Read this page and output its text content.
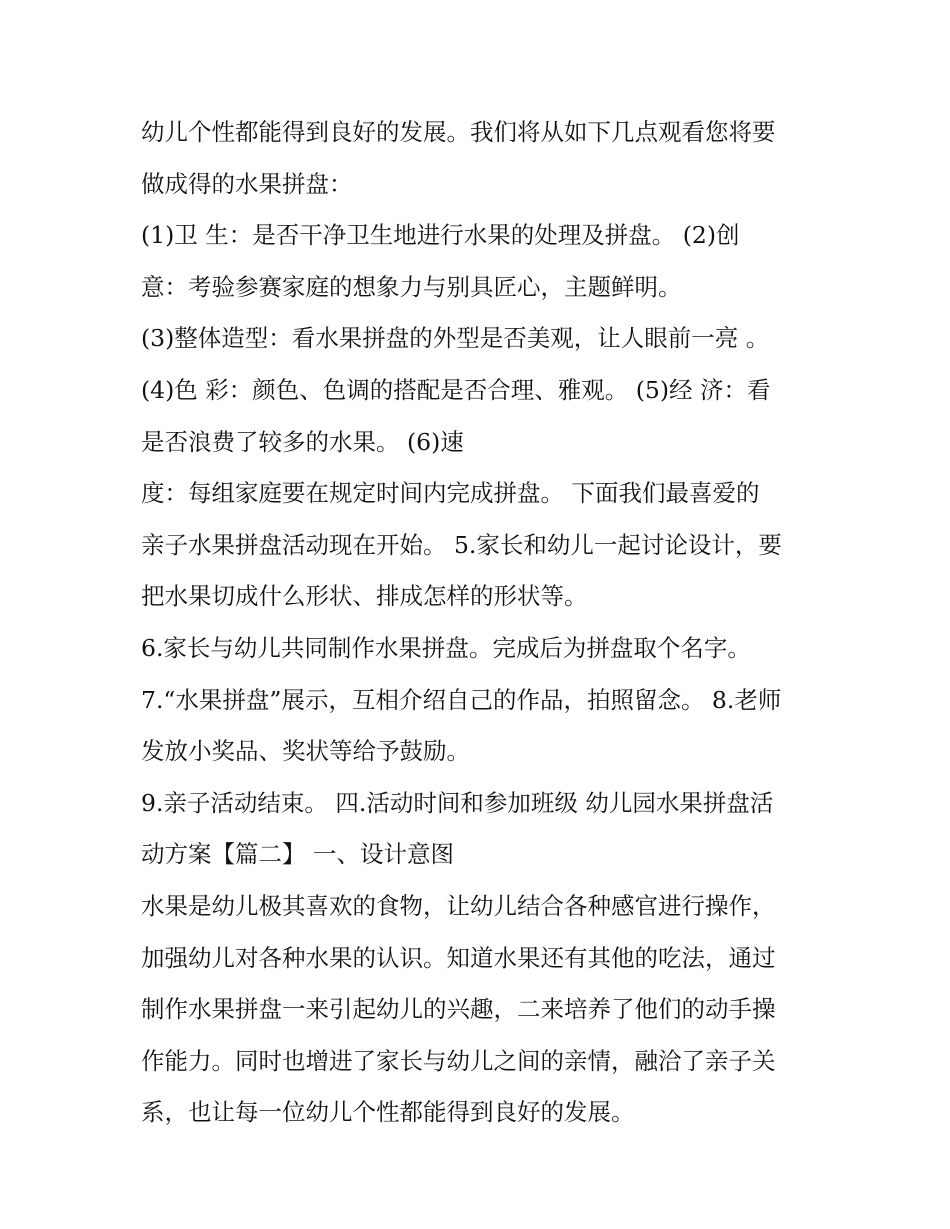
幼儿个性都能得到良好的发展。我们将从如下几点观看您将要
做成得的水果拼盘：
(1)卫 生：是否干净卫生地进行水果的处理及拼盘。 (2)创
意：考验参赛家庭的想象力与别具匠心，主题鲜明。
(3)整体造型：看水果拼盘的外型是否美观，让人眼前一亮 。
(4)色 彩：颜色、色调的搭配是否合理、雅观。 (5)经 济：看
是否浪费了较多的水果。 (6)速
度：每组家庭要在规定时间内完成拼盘。 下面我们最喜爱的
亲子水果拼盘活动现在开始。 5.家长和幼儿一起讨论设计，要
把水果切成什么形状、排成怎样的形状等。
6.家长与幼儿共同制作水果拼盘。完成后为拼盘取个名字。
7.“水果拼盘”展示，互相介绍自己的作品，拍照留念。 8.老师
发放小奖品、奖状等给予鼓励。
9.亲子活动结束。 四.活动时间和参加班级 幼儿园水果拼盘活
动方案【篇二】 一、设计意图
水果是幼儿极其喜欢的食物，让幼儿结合各种感官进行操作，
加强幼儿对各种水果的认识。知道水果还有其他的吃法，通过
制作水果拼盘一来引起幼儿的兴趣，二来培养了他们的动手操
作能力。同时也增进了家长与幼儿之间的亲情，融洽了亲子关
系，也让每一位幼儿个性都能得到良好的发展。
